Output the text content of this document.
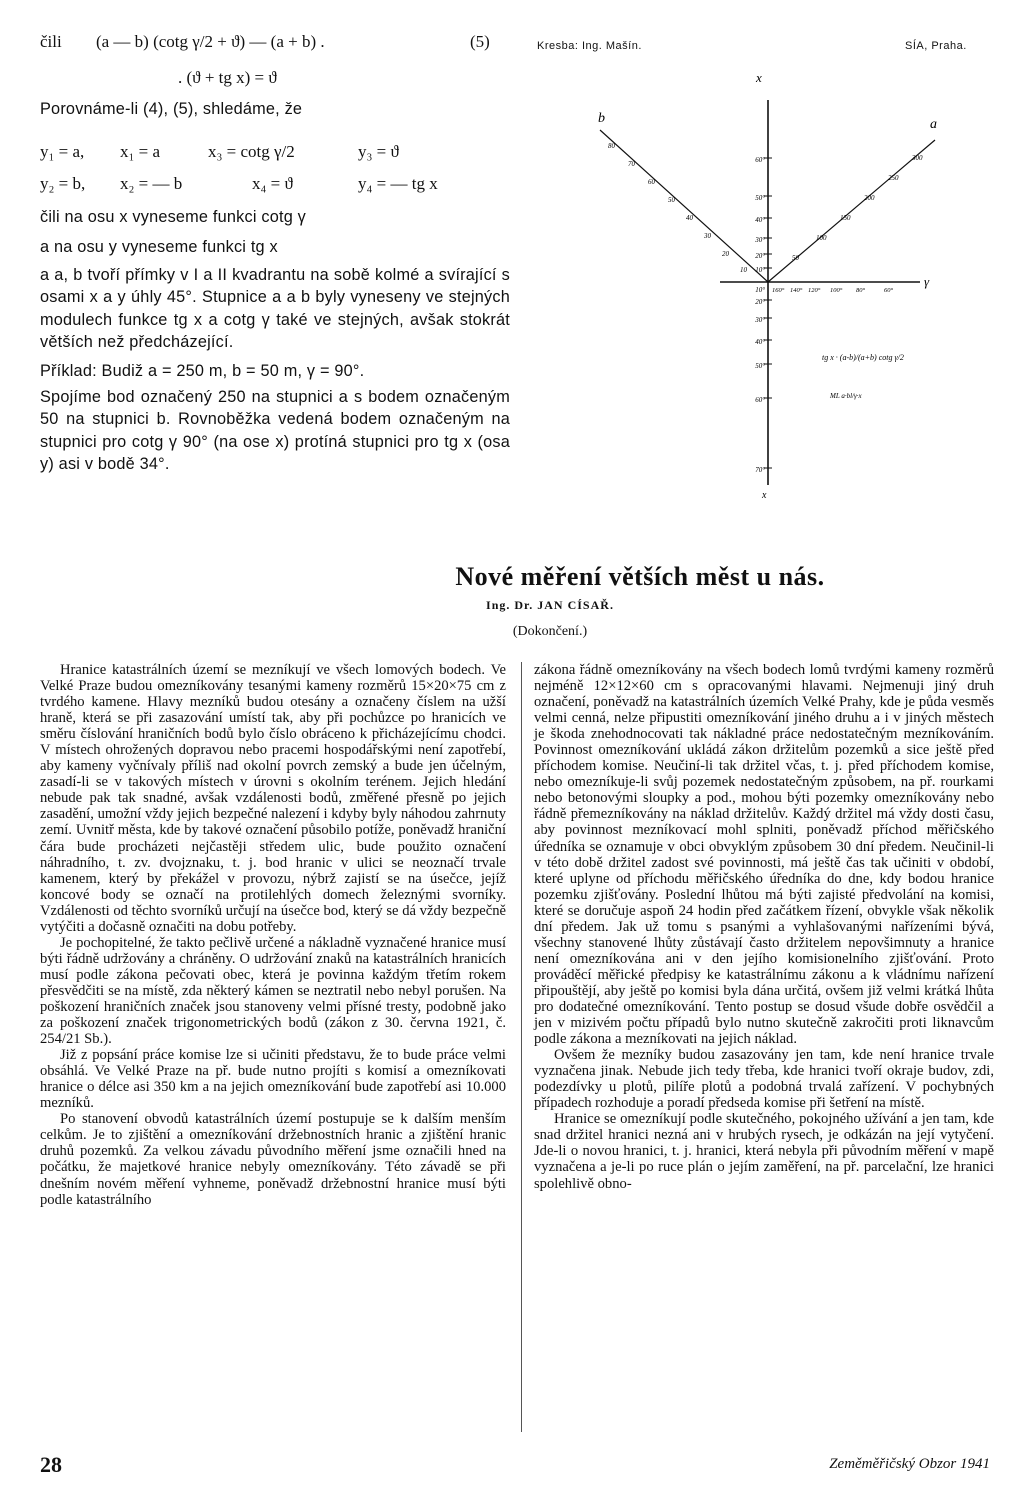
čili (a — b) (cotg γ/2 + ϑ) — (a + b) .	(5)
. (ϑ + tg x) = ϑ
Porovnáme-li (4), (5), shledáme, že
y₁ = a, x₁ = a	x₃ = cotg γ/2	y₃ = ϑ
y₂ = b, x₂ = — b	x₄ = ϑ	y₄ = — tg x
čili na osu x vyneseme funkci cotg γ
a na osu y vyneseme funkci tg x

a a, b tvoří přímky v I a II kvadrantu na sobě kolmé a svírající s osami x a y úhly 45°. Stupnice a a b byly vyneseny ve stejných modulech funkce tg x a cotg γ také ve stejných, avšak stokrát větších než předcházející.

Příklad: Budiž a = 250 m, b = 50 m, γ = 90°.

Spojíme bod označený 250 na stupnici a s bodem označeným 50 na stupnici b. Rovnoběžka vedená bodem označeným na stupnici pro cotg γ 90° (na ose x) protíná stupnici pro tg x (osa y) asi v bodě 34°.

Kresba: Ing. Mašín.	SÍA, Praha.
x
b	a
γ
x
80
70
60
50
40
30
20
10
300
250
200
150
100
50
60°
50°
40°
30°
20°
10°
10°
20°
30°
40°
50°
60°
70°
160° 140° 120° 100° 80°	60°
tg x · (a-b)/(a+b) cotg γ/2
ML a·bl/γ·x
Nové měření větších měst u nás.
Ing. Dr. JAN CÍSAŘ.
(Dokončení.)

Hranice katastrálních území se mezníkují ve všech lomových bodech. Ve Velké Praze budou omezníkovány tesanými kameny rozměrů 15×20×75 cm z tvrdého kamene. Hlavy mezníků budou otesány a označeny číslem na užší hraně, která se při zasazování umístí tak, aby při pochůzce po hranicích ve směru číslování hraničních bodů bylo číslo obráceno k přicházejícímu chodci. V místech ohrožených dopravou nebo pracemi hospodářskými není zapotřebí, aby kameny vyčnívaly příliš nad okolní povrch zemský a bude jen účelným, zasadí-li se v takových místech v úrovni s okolním terénem. Jejich hledání nebude pak tak snadné, avšak vzdálenosti bodů, změřené přesně po jejich zasadění, umožní vždy jejich bezpečné nalezení i kdyby byly náhodou zahrnuty zemí. Uvnitř města, kde by takové označení působilo potíže, poněvadž hraniční čára bude procházeti nejčastěji středem ulic, bude použito označení náhradního, t. zv. dvojznaku, t. j. bod hranic v ulici se neoznačí trvale kamenem, který by překážel v provozu, nýbrž zajistí se na úsečce, jejíž koncové body se označí na protilehlých domech železnými svorníky. Vzdálenosti od těchto svorníků určují na úsečce bod, který se dá vždy bezpečně vytýčiti a dočasně označiti na dobu potřeby.

Je pochopitelné, že takto pečlivě určené a nákladně vyznačené hranice musí býti řádně udržovány a chráněny. O udržování znaků na katastrálních hranicích musí podle zákona pečovati obec, která je povinna každým třetím rokem přesvědčiti se na místě, zda některý kámen se neztratil nebo nebyl porušen. Na poškození hraničních značek jsou stanoveny velmi přísné tresty, podobně jako za poškození značek trigonometrických bodů (zákon z 30. června 1921, č. 254/21 Sb.).

Již z popsání práce komise lze si učiniti představu, že to bude práce velmi obsáhlá. Ve Velké Praze na př. bude nutno projíti s komisí a omezníkovati hranice o délce asi 350 km a na jejich omezníkování bude zapotřebí asi 10.000 mezníků.

Po stanovení obvodů katastrálních území postupuje se k dalším menším celkům. Je to zjištění a omezníkování držebnostních hranic a zjištění hranic druhů pozemků. Za velkou závadu původního měření jsme označili hned na počátku, že majetkové hranice nebyly omezníkovány. Této závadě se při dnešním novém měření vyhneme, poněvadž držebnostní hranice musí býti podle katastrálního

zákona řádně omezníkovány na všech bodech lomů tvrdými kameny rozměrů nejméně 12×12×60 cm s opracovanými hlavami. Nejmenuji jiný druh označení, poněvadž na katastrálních územích Velké Prahy, kde je půda vesměs velmi cenná, nelze připustiti omezníkování jiného druhu a i v jiných městech je škoda znehodnocovati tak nákladné práce nedostatečným mezníkováním. Povinnost omezníkování ukládá zákon držitelům pozemků a sice ještě před příchodem komise. Neučiní-li tak držitel včas, t. j. před příchodem komise, nebo omezníkuje-li svůj pozemek nedostatečným způsobem, na př. rourkami nebo betonovými sloupky a pod., mohou býti pozemky omezníkovány nebo řádně přemezníkovány na náklad držitelův. Každý držitel má vždy dosti času, aby povinnost mezníkovací mohl splniti, poněvadž příchod měřičského úředníka se oznamuje v obci obvyklým způsobem 30 dní předem. Neučinil-li v této době držitel zadost své povinnosti, má ještě čas tak učiniti v období, které uplyne od příchodu měřičského úředníka do dne, kdy bodou hranice pozemku zjišťovány. Poslední lhůtou má býti zajisté předvolání na komisi, které se doručuje aspoň 24 hodin před začátkem řízení, obvykle však několik dní předem. Jak už tomu s psanými a vyhlašovanými nařízeními bývá, všechny stanovené lhůty zůstávají často držitelem nepovšimnuty a hranice není omezníkována ani v den jejího komisionelního zjišťování. Proto prováděcí měřické předpisy ke katastrálnímu zákonu a k vládnímu nařízení připouštějí, aby ještě po komisi byla dána určitá, ovšem již velmi krátká lhůta pro dodatečné omezníkování. Tento postup se dosud všude dobře osvědčil a jen v mizivém počtu případů bylo nutno skutečně zakročiti proti liknavcům podle zákona a mezníkovati na jejich náklad.

Ovšem že mezníky budou zasazovány jen tam, kde není hranice trvale vyznačena jinak. Nebude jich tedy třeba, kde hranici tvoří okraje budov, zdi, podezdívky u plotů, pilíře plotů a podobná trvalá zařízení. V pochybných případech rozhoduje a poradí předseda komise při šetření na místě.

Hranice se omezníkují podle skutečného, pokojného užívání a jen tam, kde snad držitel hranici nezná ani v hrubých rysech, je odkázán na její vytyčení. Jde-li o novou hranici, t. j. hranici, která nebyla při původním měření v mapě vyznačena a je-li po ruce plán o jejím zaměření, na př. parcelační, lze hranici spolehlivě obno-

28	Zeměměřičský Obzor 1941
